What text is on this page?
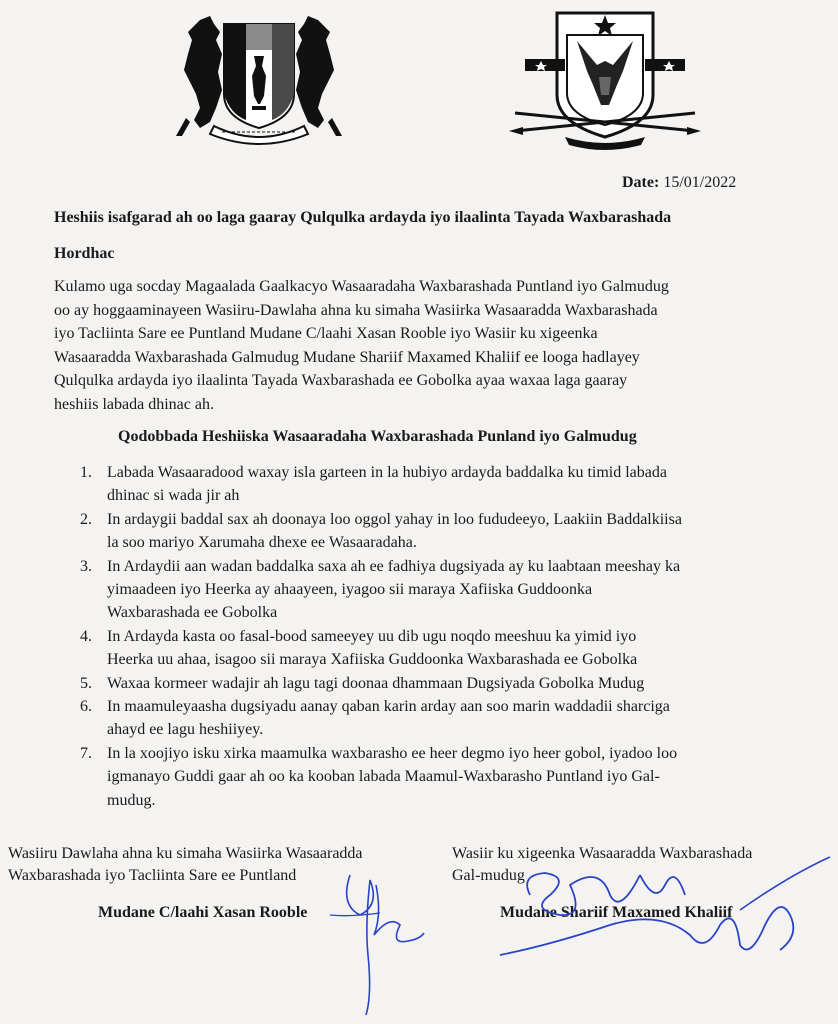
Date: 15/01/2022
Heshiis isafgarad ah oo laga gaaray Qulqulka ardayda iyo ilaalinta Tayada Waxbarashada
Hordhac
Kulamo uga socday Magaalada Gaalkacyo Wasaaradaha Waxbarashada Puntland iyo Galmudug
oo ay hoggaaminayeen Wasiiru-Dawlaha ahna ku simaha Wasiirka Wasaaradda Waxbarashada
iyo Tacliinta Sare ee Puntland Mudane C/laahi Xasan Rooble iyo Wasiir ku xigeenka
Wasaaradda Waxbarashada Galmudug Mudane Shariif Maxamed Khaliif ee looga hadlayey
Qulqulka ardayda iyo ilaalinta Tayada Waxbarashada ee Gobolka ayaa waxaa laga gaaray
heshiis labada dhinac ah.
Qodobbada Heshiiska Wasaaradaha Waxbarashada Punland iyo Galmudug
1. Labada Wasaaradood waxay isla garteen in la hubiyo ardayda baddalka ku timid labada
dhinac si wada jir ah
2. In ardaygii baddal sax ah doonaya loo oggol yahay in loo fududeeyo, Laakiin Baddalkiisa
la soo mariyo Xarumaha dhexe ee Wasaaradaha.
3. In Ardaydii aan wadan baddalka saxa ah ee fadhiya dugsiyada ay ku laabtaan meeshay ka
yimaadeen iyo Heerka ay ahaayeen, iyagoo sii maraya Xafiiska Guddoonka
Waxbarashada ee Gobolka
4. In Ardayda kasta oo fasal-bood sameeyey uu dib ugu noqdo meeshuu ka yimid iyo
Heerka uu ahaa, isagoo sii maraya Xafiiska Guddoonka Waxbarashada ee Gobolka
5. Waxaa kormeer wadajir ah lagu tagi doonaa dhammaan Dugsiyada Gobolka Mudug
6. In maamuleyaasha dugsiyadu aanay qaban karin arday aan soo marin waddadii sharciga
ahayd ee lagu heshiiyey.
7. In la xoojiyo isku xirka maamulka waxbarasho ee heer degmo iyo heer gobol, iyadoo loo
igmanayo Guddi gaar ah oo ka kooban labada Maamul-Waxbarasho Puntland iyo Gal-
mudug.
Wasiiru Dawlaha ahna ku simaha Wasiirka Wasaaradda
Waxbarashada iyo Tacliinta Sare ee Puntland
Wasiir ku xigeenka Wasaaradda Waxbarashada
Gal-mudug
Mudane C/laahi Xasan Rooble	Mudane Shariif Maxamed Khaliif
